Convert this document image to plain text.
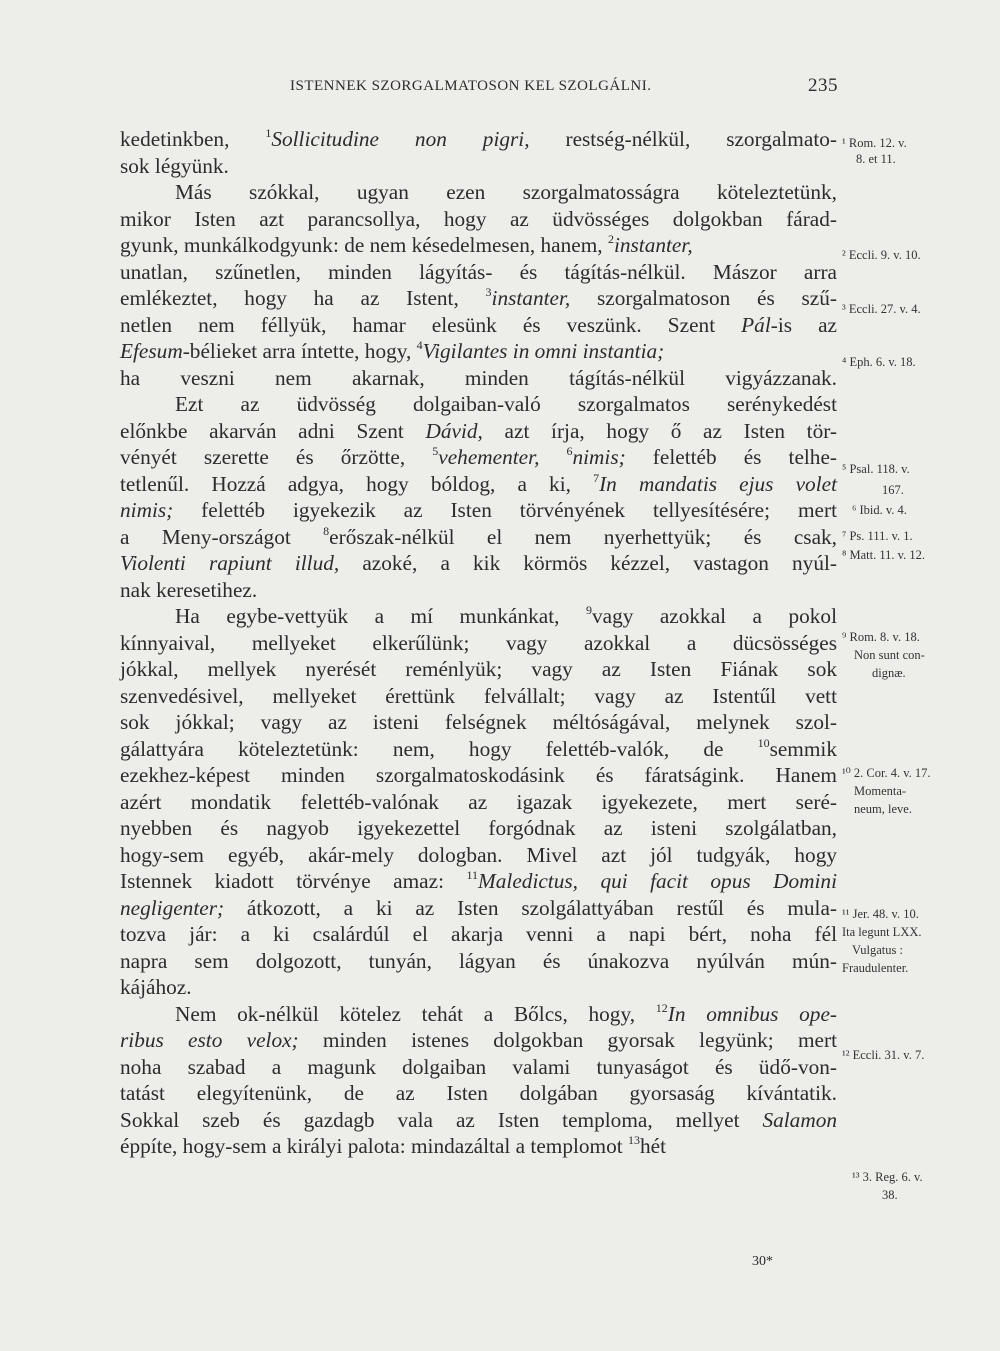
ISTENNEK SZORGALMATOSON KEL SZOLGÁLNI.	235
kedetinkben, $^1$Sollicitudine non pigri, restség-nélkül, szorgalmato-
sok légyünk.
Más szókkal, ugyan ezen szorgalmatosságra köteleztetünk,
mikor Isten azt parancsollya, hogy az üdvösséges dolgokban fárad-
gyunk, munkálkodgyunk: de nem késedelmesen, hanem, $^2$instanter,
unatlan, szűnetlen, minden lágyítás- és tágítás-nélkül. Mászor arra
emlékeztet, hogy ha az Istent, $^3$instanter, szorgalmatoson és szű-
netlen nem féllyük, hamar elesünk és veszünk. Szent Pál-is az
Efesum-bélieket arra íntette, hogy, $^4$Vigilantes in omni instantia;
ha veszni nem akarnak, minden tágítás-nélkül vigyázzanak.
Ezt az üdvösség dolgaiban-való szorgalmatos serénykedést
előnkbe akarván adni Szent Dávid, azt írja, hogy ő az Isten tör-
vényét szerette és őrzötte, $^5$vehementer, $^6$nimis; felettéb és telhe-
tetlenűl. Hozzá adgya, hogy bóldog, a ki, $^7$In mandatis ejus volet
nimis; felettéb igyekezik az Isten törvényének tellyesítésére; mert
a Meny-országot $^8$erőszak-nélkül el nem nyerhettyük; és csak,
Violenti rapiunt illud, azoké, a kik körmös kézzel, vastagon nyúl-
nak keresetihez.
Ha egybe-vettyük a mí munkánkat, $^9$vagy azokkal a pokol
kínnyaival, mellyeket elkerűlünk; vagy azokkal a dücsösséges
jókkal, mellyek nyerését reménlyük; vagy az Isten Fiának sok
szenvedésivel, mellyeket érettünk felvállalt; vagy az Istentűl vett
sok jókkal; vagy az isteni felségnek méltóságával, melynek szol-
gálattyára köteleztetünk: nem, hogy felettéb-valók, de $^{10}$semmik
ezekhez-képest minden szorgalmatoskodásink és fáratságink. Hanem
azért mondatik felettéb-valónak az igazak igyekezete, mert seré-
nyebben és nagyob igyekezettel forgódnak az isteni szolgálatban,
hogy-sem egyéb, akár-mely dologban. Mivel azt jól tudgyák, hogy
Istennek kiadott törvénye amaz: $^{11}$Maledictus, qui facit opus Domini
negligenter; átkozott, a ki az Isten szolgálattyában restűl és mula-
tozva jár: a ki csalárdúl el akarja venni a napi bért, noha fél
napra sem dolgozott, tunyán, lágyan és únakozva nyúlván mún-
kájához.
Nem ok-nélkül kötelez tehát a Bőlcs, hogy, $^{12}$In omnibus ope-
ribus esto velox; minden istenes dolgokban gyorsak legyünk; mert
noha szabad a magunk dolgaiban valami tunyaságot és üdő-von-
tatást elegyítenünk, de az Isten dolgában gyorsaság kívántatik.
Sokkal szeb és gazdagb vala az Isten temploma, mellyet Salamon
éppíte, hogy-sem a királyi palota: mindazáltal a templomot $^{13}$hét
¹ Rom. 12. v.
8. et 11.
² Eccli. 9. v. 10.
³ Eccli. 27. v. 4.
⁴ Eph. 6. v. 18.
⁵ Psal. 118. v.
167.
⁶ Ibid. v. 4.
⁷ Ps. 111. v. 1.
⁸ Matt. 11. v. 12.
⁹ Rom. 8. v. 18.
Non sunt con-
dignæ.
¹⁰ 2. Cor. 4. v. 17.
Momenta-
neum, leve.
¹¹ Jer. 48. v. 10.
Ita legunt LXX.
Vulgatus :
Fraudulenter.
¹² Eccli. 31. v. 7.
¹³ 3. Reg. 6. v.
38.
30*
